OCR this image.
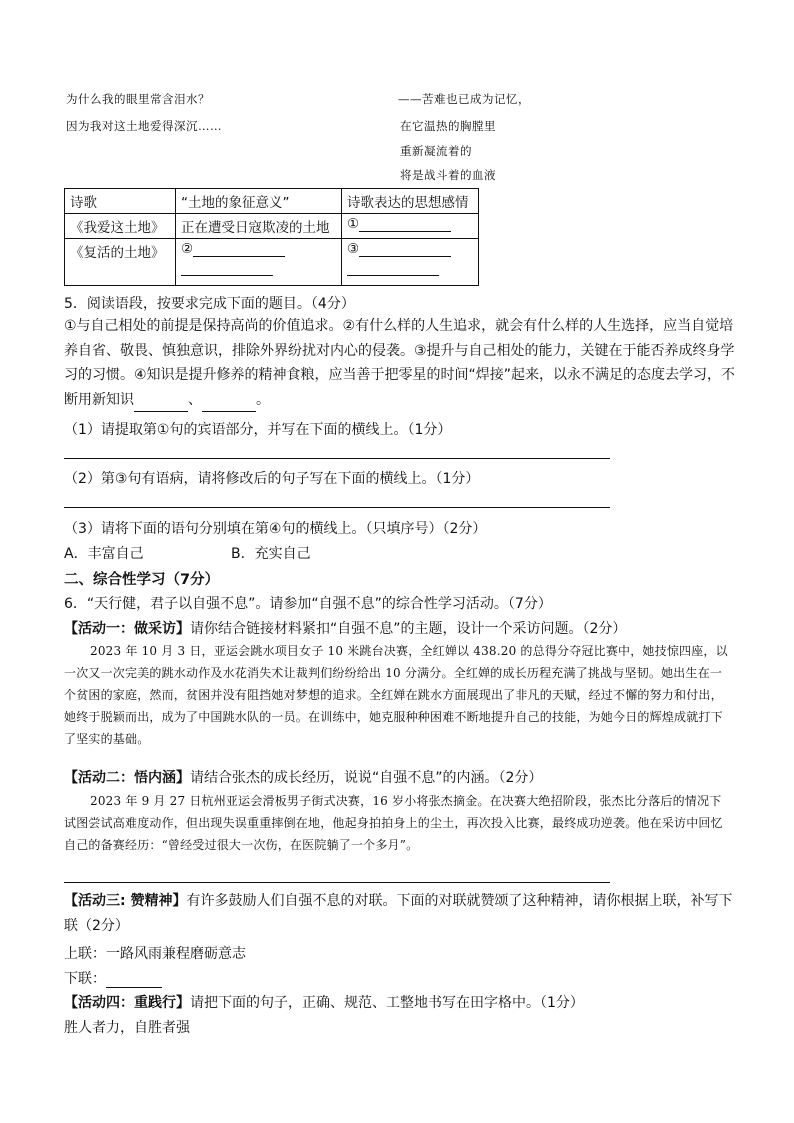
为什么我的眼里常含泪水？
因为我对这土地爱得深沉……
——苦难也已成为记忆，
在它温热的胸膛里
重新凝流着的
将是战斗着的血液
诗歌	“土地的象征意义”	诗歌表达的思想感情
《我爱这土地》	正在遭受日寇欺凌的土地	①
《复活的土地》	②	③

5．阅读语段，按要求完成下面的题目。（4分）
①与自己相处的前提是保持高尚的价值追求。②有什么样的人生追求，就会有什么样的人生选择，应当自觉培养自省、敬畏、慎独意识，排除外界纷扰对内心的侵袭。③提升与自己相处的能力，关键在于能否养成终身学习的习惯。④知识是提升修养的精神食粮，应当善于把零星的时间“焊接”起来，以永不满足的态度去学习，不断用新知识	、	。
（1）请提取第①句的宾语部分，并写在下面的横线上。（1分）
（2）第③句有语病，请将修改后的句子写在下面的横线上。（1分）
（3）请将下面的语句分别填在第④句的横线上。（只填序号）（2分）
A．丰富自己	B．充实自己
二、综合性学习（7分）
6．“天行健，君子以自强不息”。请参加“自强不息”的综合性学习活动。（7分）
【活动一：做采访】请你结合链接材料紧扣“自强不息”的主题，设计一个采访问题。（2分）
2023 年 10 月 3 日，亚运会跳水项目女子 10 米跳台决赛，全红婵以 438.20 的总得分夺冠比赛中，她技惊四座，以一次又一次完美的跳水动作及水花消失术让裁判们纷纷给出 10 分满分。全红婵的成长历程充满了挑战与坚韧。她出生在一个贫困的家庭，然而，贫困并没有阻挡她对梦想的追求。全红婵在跳水方面展现出了非凡的天赋，经过不懈的努力和付出，她终于脱颖而出，成为了中国跳水队的一员。在训练中，她克服种种困难不断地提升自己的技能，为她今日的辉煌成就打下了坚实的基础。
【活动二：悟内涵】请结合张杰的成长经历，说说“自强不息”的内涵。（2分）
2023 年 9 月 27 日杭州亚运会滑板男子街式决赛，16 岁小将张杰摘金。在决赛大绝招阶段，张杰比分落后的情况下试图尝试高难度动作，但出现失误重重摔倒在地，他起身拍拍身上的尘土，再次投入比赛，最终成功逆袭。他在采访中回忆自己的备赛经历：“曾经受过很大一次伤，在医院躺了一个多月”。
【活动三: 赞精神】有许多鼓励人们自强不息的对联。下面的对联就赞颂了这种精神，请你根据上联，补写下联（2分）
上联：一路风雨兼程磨砺意志
下联：
【活动四：重践行】请把下面的句子，正确、规范、工整地书写在田字格中。（1分）
胜人者力，自胜者强
